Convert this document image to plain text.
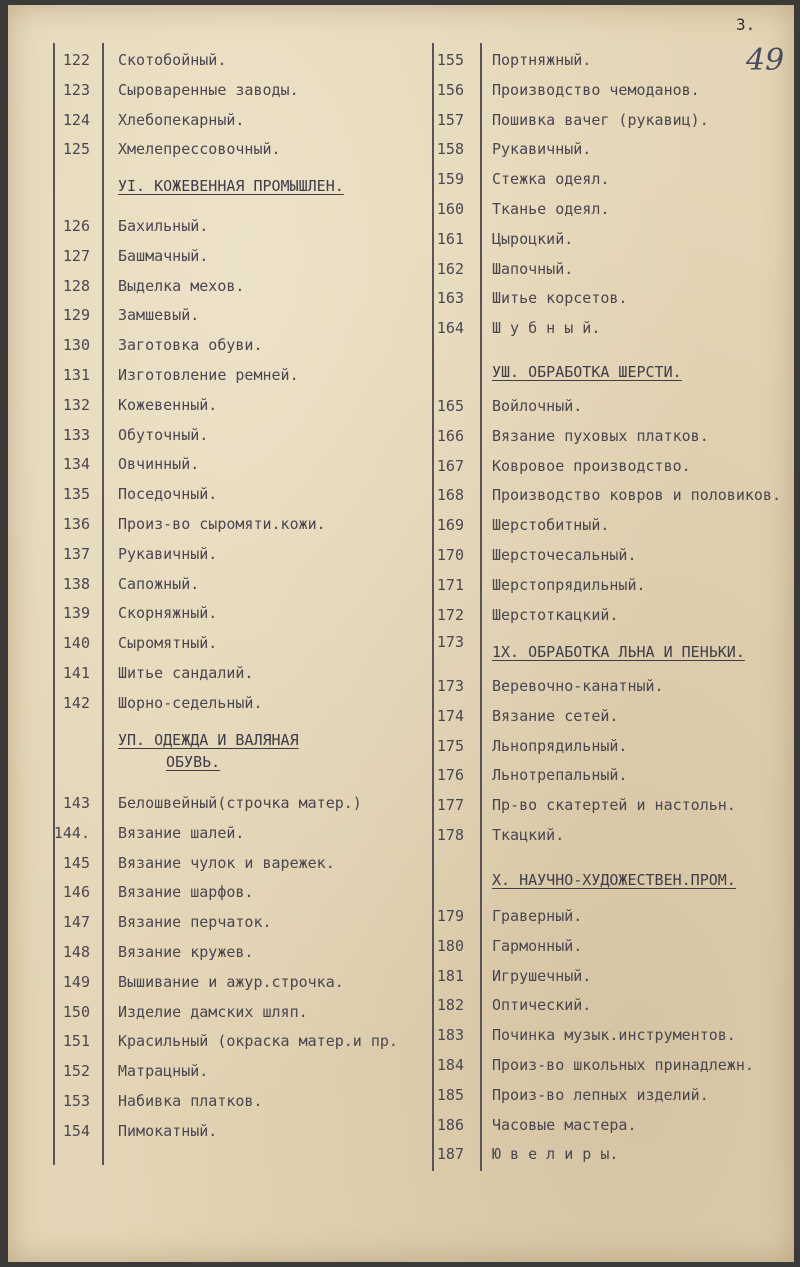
3.
49
122 Скотобойный.
123 Сыроваренные заводы.
124 Хлебопекарный.
125 Хмелепрессовочный.
УI. КОЖЕВЕННАЯ ПРОМЫШЛЕН.
126 Бахильный.
127 Башмачный.
128 Выделка мехов.
129 Замшевый.
130 Заготовка обуви.
131 Изготовление ремней.
132 Кожевенный.
133 Обуточный.
134 Овчинный.
135 Поседочный.
136 Произ-во сыромяти.кожи.
137 Рукавичный.
138 Сапожный.
139 Скорняжный.
140 Сыромятный.
141 Шитье сандалий.
142 Шорно-седельный.
УП. ОДЕЖДА И ВАЛЯНАЯ
ОБУВЬ.
143 Белошвейный(строчка матер.)
144. Вязание шалей.
145 Вязание чулок и варежек.
146 Вязание шарфов.
147 Вязание перчаток.
148 Вязание кружев.
149 Вышивание и ажур.строчка.
150 Изделие дамских шляп.
151 Красильный (окраска матер.и пр.
152 Матрацный.
153 Набивка платков.
154 Пимокатный.
155 Портняжный.
156 Производство чемоданов.
157 Пошивка вачег (рукавиц).
158 Рукавичный.
159 Стежка одеял.
160 Тканье одеял.
161 Цыроцкий.
162 Шапочный.
163 Шитье корсетов.
164 Ш у б н ы й.
УШ. ОБРАБОТКА ШЕРСТИ.
165 Войлочный.
166 Вязание пуховых платков.
167 Ковровое производство.
168 Производство ковров и половиков.
169 Шерстобитный.
170 Шерсточесальный.
171 Шерстопрядильный.
172 Шерстоткацкий.
173
1Х. ОБРАБОТКА ЛЬНА И ПЕНЬКИ.
173 Веревочно-канатный.
174 Вязание сетей.
175 Льнопрядильный.
176 Льнотрепальный.
177 Пр-во скатертей и настольн.
178 Ткацкий.
Х. НАУЧНО-ХУДОЖЕСТВЕН.ПРОМ.
179 Граверный.
180 Гармонный.
181 Игрушечный.
182 Оптический.
183 Починка музык.инструментов.
184 Произ-во школьных принадлежн.
185 Произ-во лепных изделий.
186 Часовые мастера.
187 Ю в е л и р ы.
